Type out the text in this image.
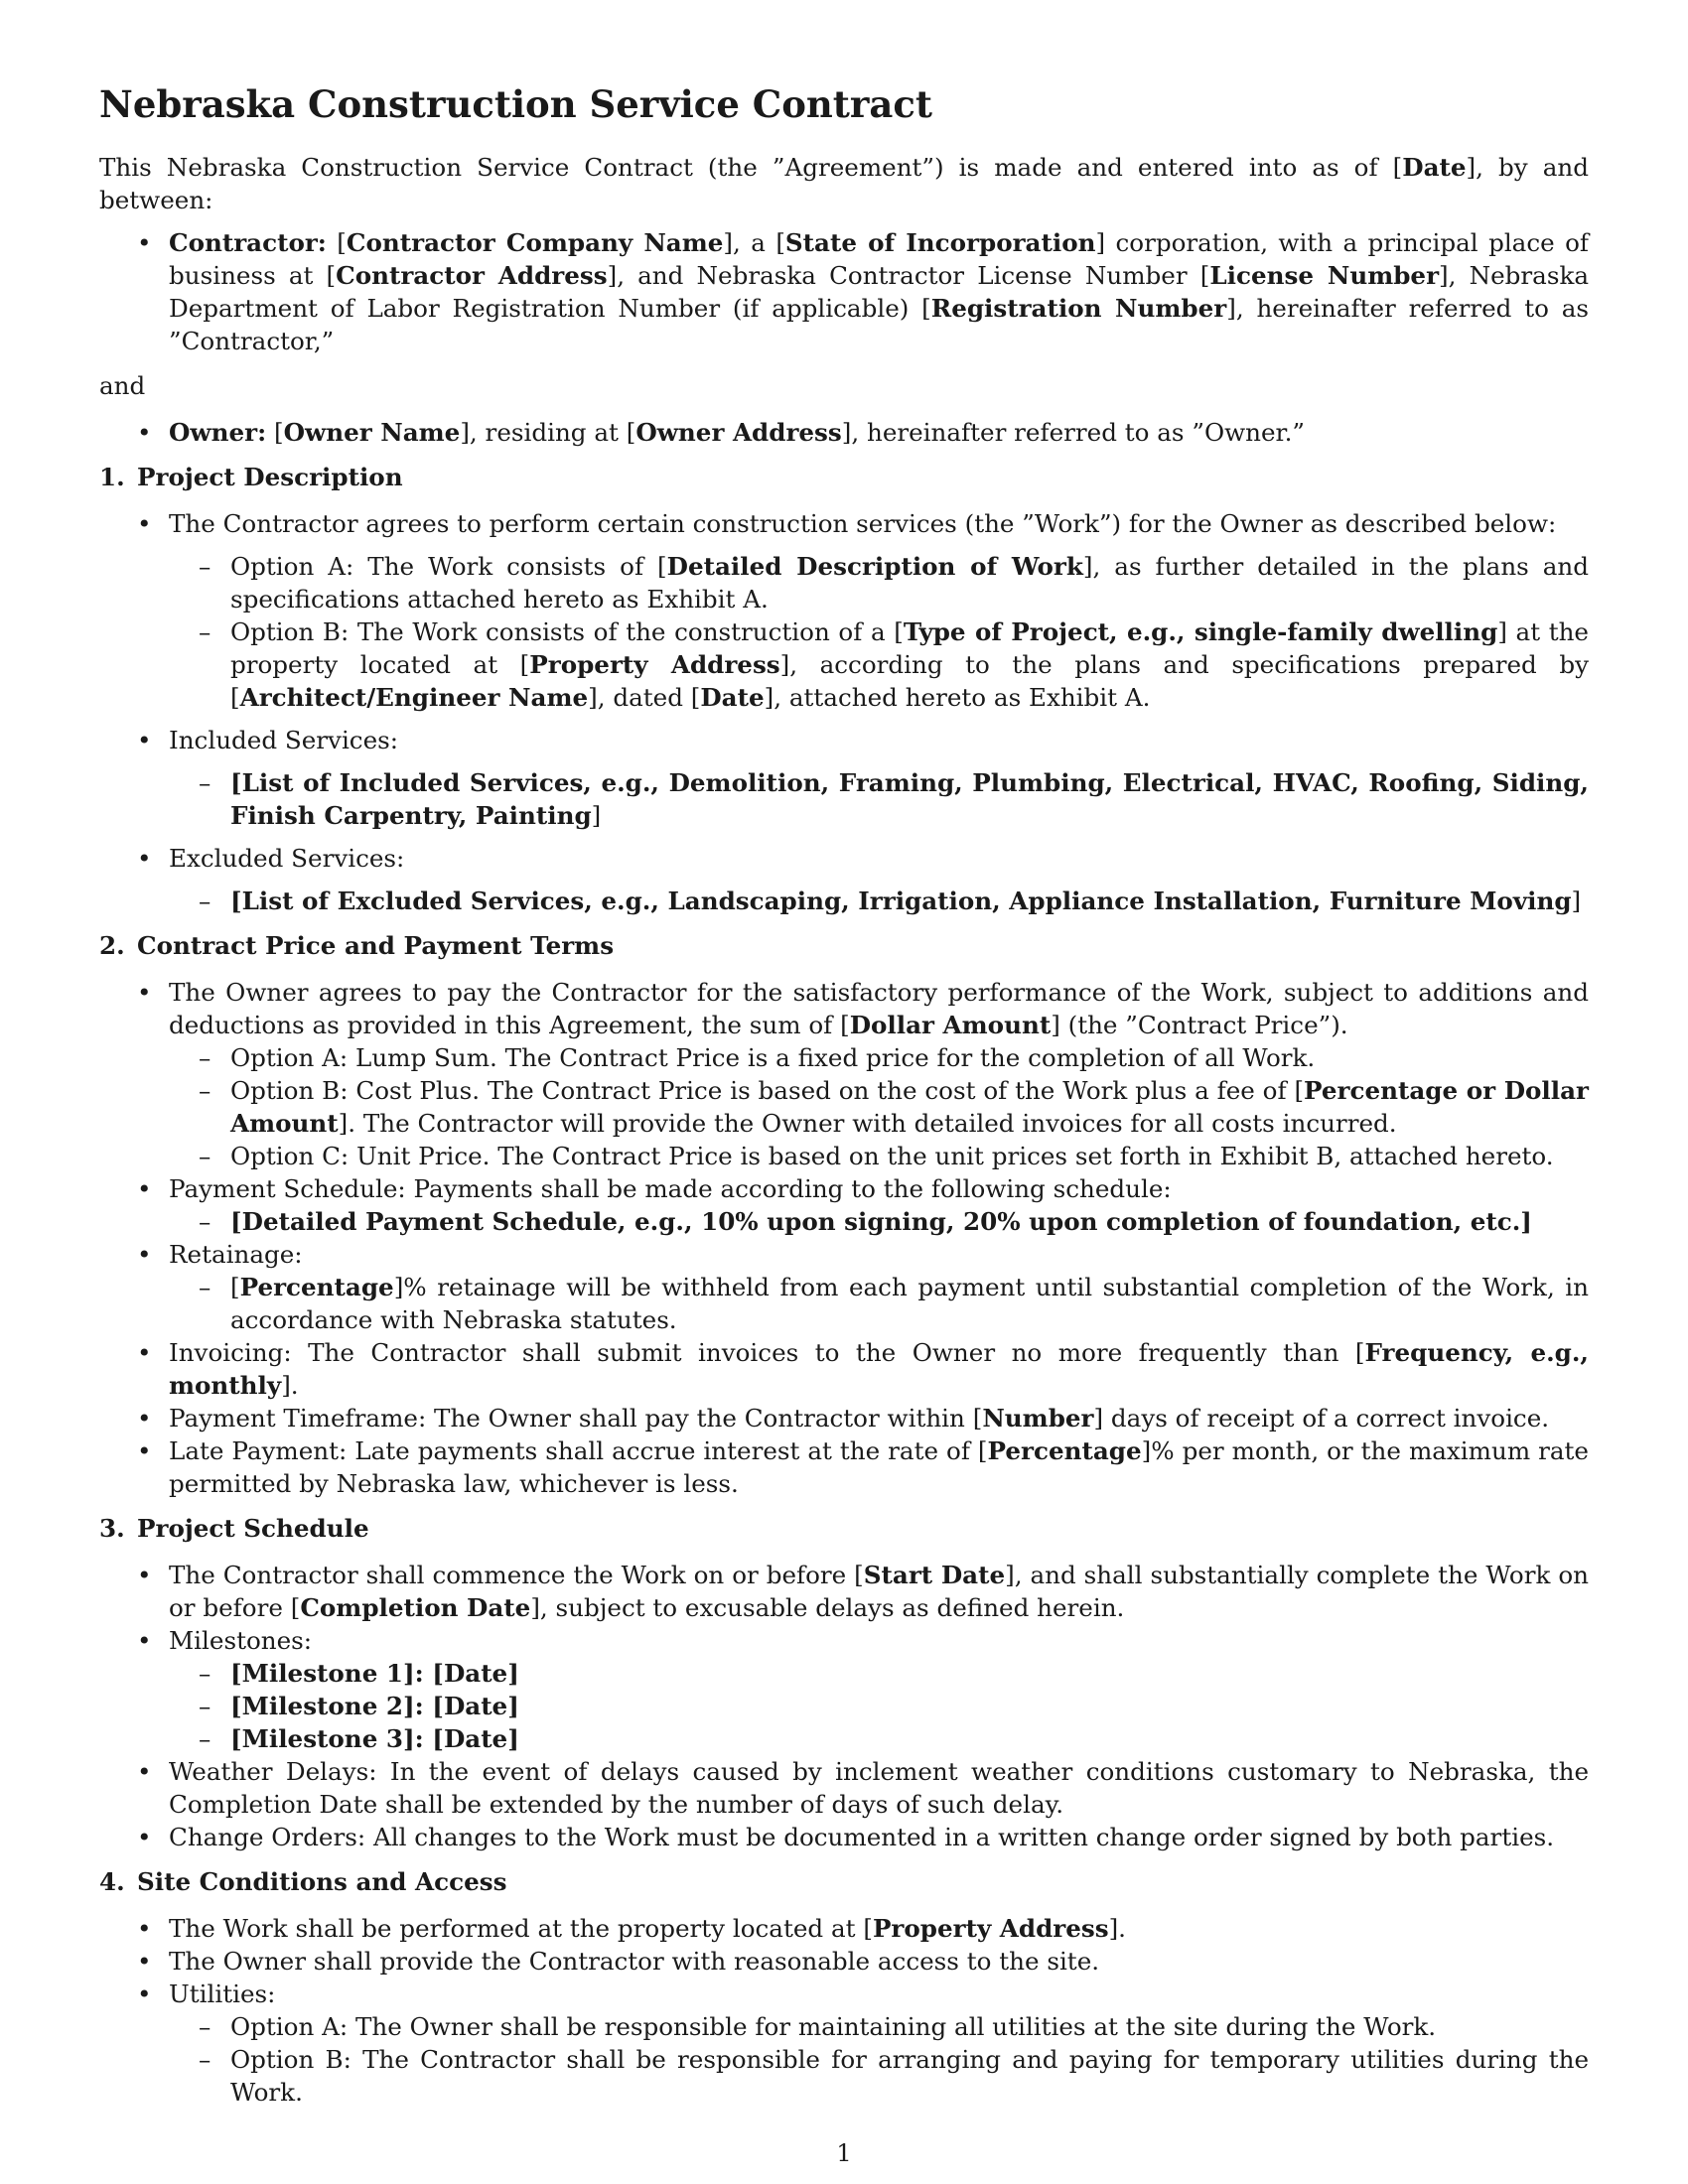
Nebraska Construction Service Contract

This Nebraska Construction Service Contract (the ”Agreement”) is made and entered into as of [Date], by and between:

• Contractor: [Contractor Company Name], a [State of Incorporation] corporation, with a principal place of business at [Contractor Address], and Nebraska Contractor License Number [License Number], Nebraska Department of Labor Registration Number (if applicable) [Registration Number], hereinafter referred to as ”Contractor,”

and

• Owner: [Owner Name], residing at [Owner Address], hereinafter referred to as ”Owner.”
1. Project Description
• The Contractor agrees to perform certain construction services (the ”Work”) for the Owner as described below:
– Option A: The Work consists of [Detailed Description of Work], as further detailed in the plans and specifications attached hereto as Exhibit A.
– Option B: The Work consists of the construction of a [Type of Project, e.g., single-family dwelling] at the property located at [Property Address], according to the plans and specifications prepared by [Architect/Engineer Name], dated [Date], attached hereto as Exhibit A.
• Included Services:
– [List of Included Services, e.g., Demolition, Framing, Plumbing, Electrical, HVAC, Roofing, Siding, Finish Carpentry, Painting]
• Excluded Services:
– [List of Excluded Services, e.g., Landscaping, Irrigation, Appliance Installation, Furniture Moving]
2. Contract Price and Payment Terms
• The Owner agrees to pay the Contractor for the satisfactory performance of the Work, subject to additions and deductions as provided in this Agreement, the sum of [Dollar Amount] (the ”Contract Price”).
– Option A: Lump Sum. The Contract Price is a fixed price for the completion of all Work.
– Option B: Cost Plus. The Contract Price is based on the cost of the Work plus a fee of [Percentage or Dollar Amount]. The Contractor will provide the Owner with detailed invoices for all costs incurred.
– Option C: Unit Price. The Contract Price is based on the unit prices set forth in Exhibit B, attached hereto.
• Payment Schedule: Payments shall be made according to the following schedule:
– [Detailed Payment Schedule, e.g., 10% upon signing, 20% upon completion of foundation, etc.]
• Retainage:
– [Percentage]% retainage will be withheld from each payment until substantial completion of the Work, in accordance with Nebraska statutes.
• Invoicing: The Contractor shall submit invoices to the Owner no more frequently than [Frequency, e.g., monthly].
• Payment Timeframe: The Owner shall pay the Contractor within [Number] days of receipt of a correct invoice.
• Late Payment: Late payments shall accrue interest at the rate of [Percentage]% per month, or the maximum rate permitted by Nebraska law, whichever is less.
3. Project Schedule
• The Contractor shall commence the Work on or before [Start Date], and shall substantially complete the Work on or before [Completion Date], subject to excusable delays as defined herein.
• Milestones:
– [Milestone 1]: [Date]
– [Milestone 2]: [Date]
– [Milestone 3]: [Date]
• Weather Delays: In the event of delays caused by inclement weather conditions customary to Nebraska, the Completion Date shall be extended by the number of days of such delay.
• Change Orders: All changes to the Work must be documented in a written change order signed by both parties.
4. Site Conditions and Access
• The Work shall be performed at the property located at [Property Address].
• The Owner shall provide the Contractor with reasonable access to the site.
• Utilities:
– Option A: The Owner shall be responsible for maintaining all utilities at the site during the Work.
– Option B: The Contractor shall be responsible for arranging and paying for temporary utilities during the Work.
1
